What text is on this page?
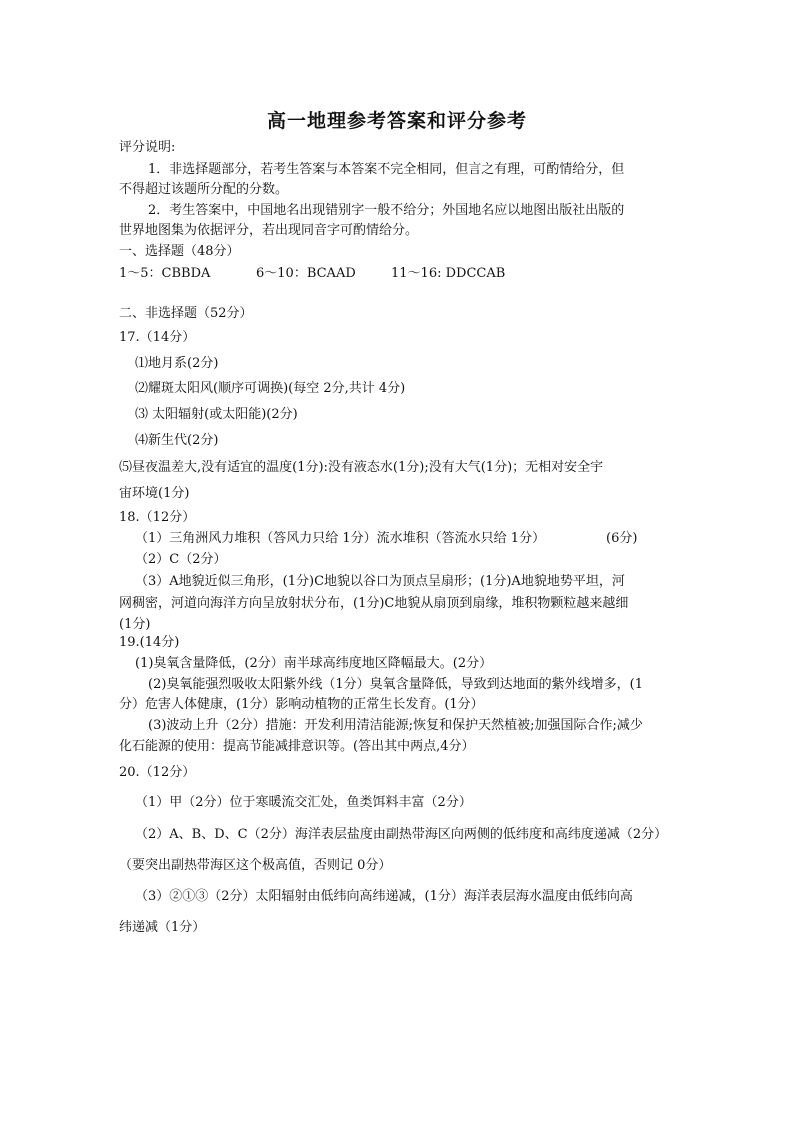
高一地理参考答案和评分参考
评分说明:
1．非选择题部分，若考生答案与本答案不完全相同，但言之有理，可酌情给分，但
不得超过该题所分配的分数。
2．考生答案中，中国地名出现错别字一般不给分；外国地名应以地图出版社出版的
世界地图集为依据评分，若出现同音字可酌情给分。
一、选择题（48分）
1～5：CBBDA	6～10：BCAAD	11～16: DDCCAB
二、非选择题（52分）
17.（14分）
⑴地月系(2分)
⑵耀斑太阳风(顺序可调换)(每空 2分,共计 4分)
⑶ 太阳辐射(或太阳能)(2分)
⑷新生代(2分)
⑸昼夜温差大,没有适宜的温度(1分):没有液态水(1分);没有大气(1分)；无相对安全宇
宙环境(1分)
18.（12分）
（1）三角洲风力堆积（答风力只给 1分）流水堆积（答流水只给 1分）	(6分)
（2）C（2分）
（3）A地貌近似三角形，(1分)C地貌以谷口为顶点呈扇形；(1分)A地貌地势平坦，河
网稠密，河道向海洋方向呈放射状分布，(1分)C地貌从扇顶到扇缘，堆积物颗粒越来越细
(1分)
19.(14分)
(1)臭氧含量降低，(2分）南半球高纬度地区降幅最大。(2分）
(2)臭氧能强烈吸收太阳紫外线（1分）臭氧含量降低，导致到达地面的紫外线增多，(1
分）危害人体健康，(1分）影响动植物的正常生长发育。(1分）
(3)波动上升（2分）措施：开发利用清洁能源;恢复和保护天然植被;加强国际合作;减少
化石能源的使用：提高节能减排意识等。(答出其中两点,4分）
20.（12分）
（1）甲（2分）位于寒暖流交汇处，鱼类饵料丰富（2分）
（2）A、B、D、C（2分）海洋表层盐度由副热带海区向两侧的低纬度和高纬度递减（2分）
（要突出副热带海区这个极高值，否则记 0分）
（3）②①③（2分）太阳辐射由低纬向高纬递减，(1分）海洋表层海水温度由低纬向高
纬递减（1分）
